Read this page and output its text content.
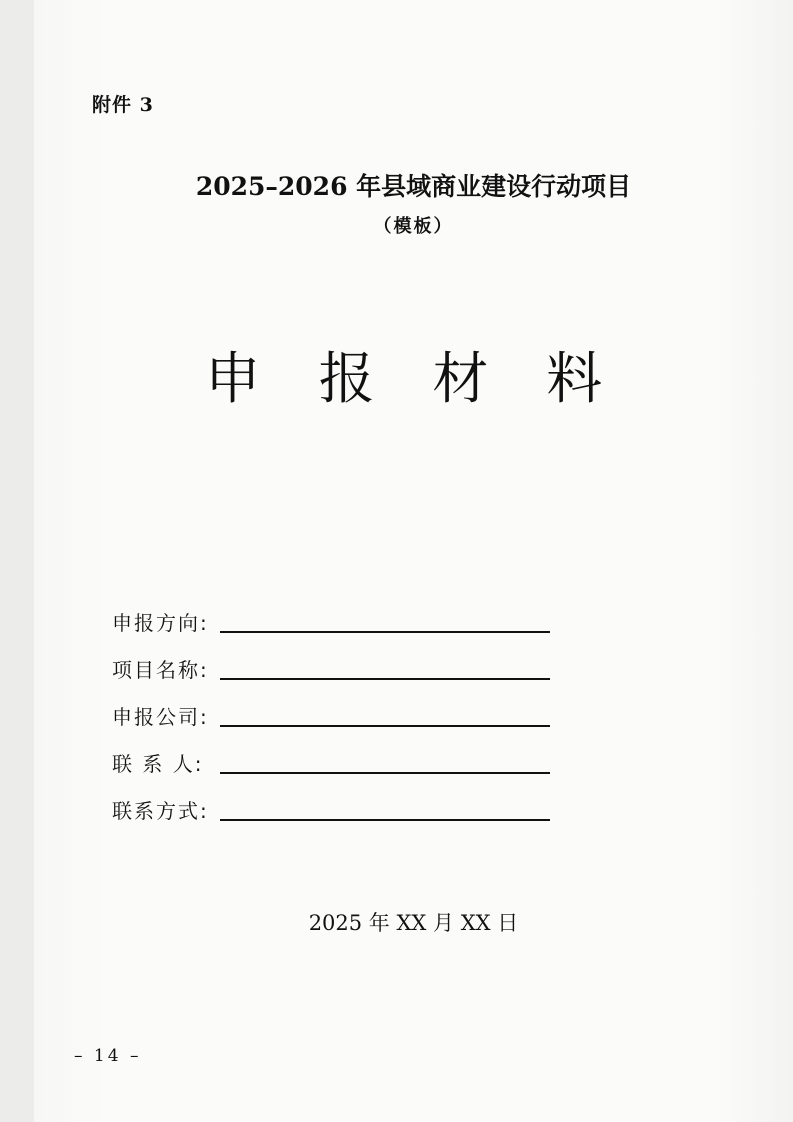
附件 3
2025–2026 年县域商业建设行动项目
（模板）
申 报 材 料
申报方向:
项目名称:
申报公司:
联 系 人:
联系方式:
2025 年 XX 月 XX 日
– 14 –
